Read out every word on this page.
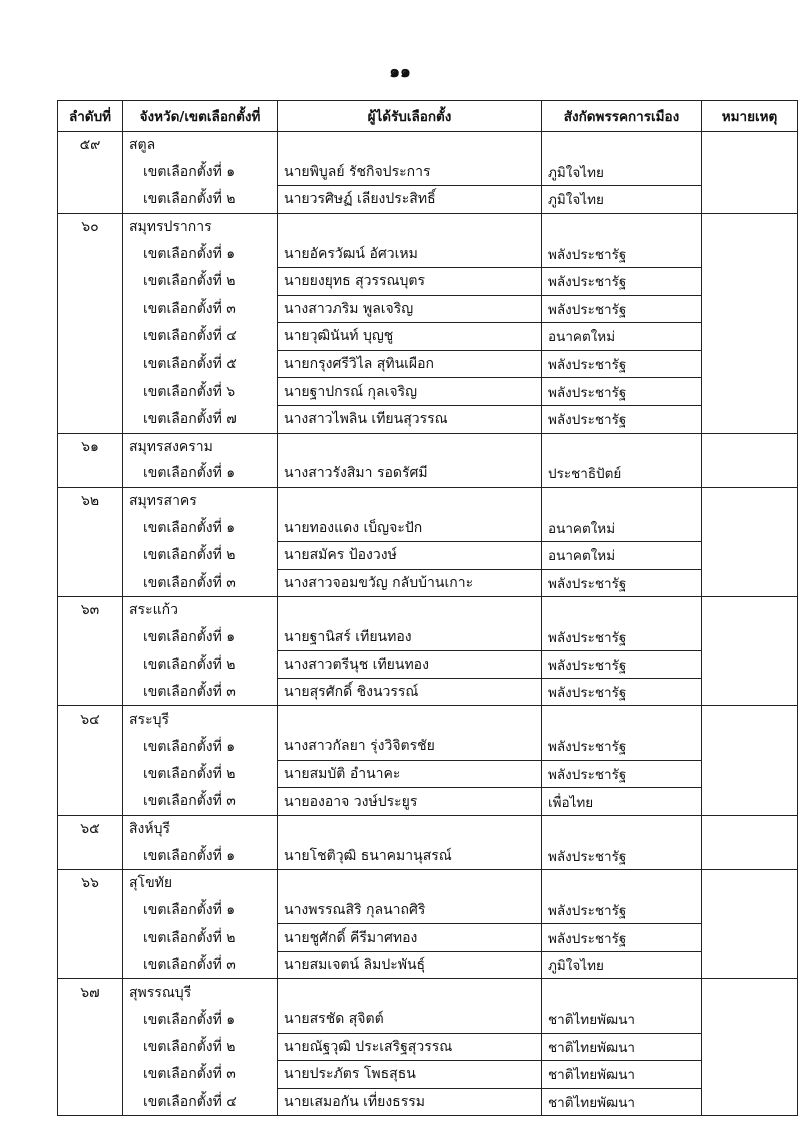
๑๑
ลำดับที่	จังหวัด/เขตเลือกตั้งที่	ผู้ได้รับเลือกตั้ง	สังกัดพรรคการเมือง	หมายเหตุ
๕๙	สตูล			
	เขตเลือกตั้งที่ ๑	นายพิบูลย์ รัชกิจประการ	ภูมิใจไทย	
	เขตเลือกตั้งที่ ๒	นายวรศิษฏ์ เลียงประสิทธิ์	ภูมิใจไทย	
๖๐	สมุทรปราการ			
	เขตเลือกตั้งที่ ๑	นายอัครวัฒน์ อัศวเหม	พลังประชารัฐ	
	เขตเลือกตั้งที่ ๒	นายยงยุทธ สุวรรณบุตร	พลังประชารัฐ	
	เขตเลือกตั้งที่ ๓	นางสาวภริม พูลเจริญ	พลังประชารัฐ	
	เขตเลือกตั้งที่ ๔	นายวุฒินันท์ บุญชู	อนาคตใหม่	
	เขตเลือกตั้งที่ ๕	นายกรุงศรีวิไล สุทินเผือก	พลังประชารัฐ	
	เขตเลือกตั้งที่ ๖	นายฐาปกรณ์ กุลเจริญ	พลังประชารัฐ	
	เขตเลือกตั้งที่ ๗	นางสาวไพลิน เทียนสุวรรณ	พลังประชารัฐ	
๖๑	สมุทรสงคราม			
	เขตเลือกตั้งที่ ๑	นางสาวรังสิมา รอดรัศมี	ประชาธิปัตย์	
๖๒	สมุทรสาคร			
	เขตเลือกตั้งที่ ๑	นายทองแดง เบ็ญจะปัก	อนาคตใหม่	
	เขตเลือกตั้งที่ ๒	นายสมัคร ป้องวงษ์	อนาคตใหม่	
	เขตเลือกตั้งที่ ๓	นางสาวจอมขวัญ กลับบ้านเกาะ	พลังประชารัฐ	
๖๓	สระแก้ว			
	เขตเลือกตั้งที่ ๑	นายฐานิสร์ เทียนทอง	พลังประชารัฐ	
	เขตเลือกตั้งที่ ๒	นางสาวตรีนุช เทียนทอง	พลังประชารัฐ	
	เขตเลือกตั้งที่ ๓	นายสุรศักดิ์ ชิงนวรรณ์	พลังประชารัฐ	
๖๔	สระบุรี			
	เขตเลือกตั้งที่ ๑	นางสาวกัลยา รุ่งวิจิตรชัย	พลังประชารัฐ	
	เขตเลือกตั้งที่ ๒	นายสมบัติ อำนาคะ	พลังประชารัฐ	
	เขตเลือกตั้งที่ ๓	นายองอาจ วงษ์ประยูร	เพื่อไทย	
๖๕	สิงห์บุรี			
	เขตเลือกตั้งที่ ๑	นายโชติวุฒิ ธนาคมานุสรณ์	พลังประชารัฐ	
๖๖	สุโขทัย			
	เขตเลือกตั้งที่ ๑	นางพรรณสิริ กุลนาถศิริ	พลังประชารัฐ	
	เขตเลือกตั้งที่ ๒	นายชูศักดิ์ คีรีมาศทอง	พลังประชารัฐ	
	เขตเลือกตั้งที่ ๓	นายสมเจตน์ ลิมปะพันธุ์	ภูมิใจไทย	
๖๗	สุพรรณบุรี			
	เขตเลือกตั้งที่ ๑	นายสรชัด สุจิตต์	ชาติไทยพัฒนา	
	เขตเลือกตั้งที่ ๒	นายณัฐวุฒิ ประเสริฐสุวรรณ	ชาติไทยพัฒนา	
	เขตเลือกตั้งที่ ๓	นายประภัตร โพธสุธน	ชาติไทยพัฒนา	
	เขตเลือกตั้งที่ ๔	นายเสมอกัน เที่ยงธรรม	ชาติไทยพัฒนา	
